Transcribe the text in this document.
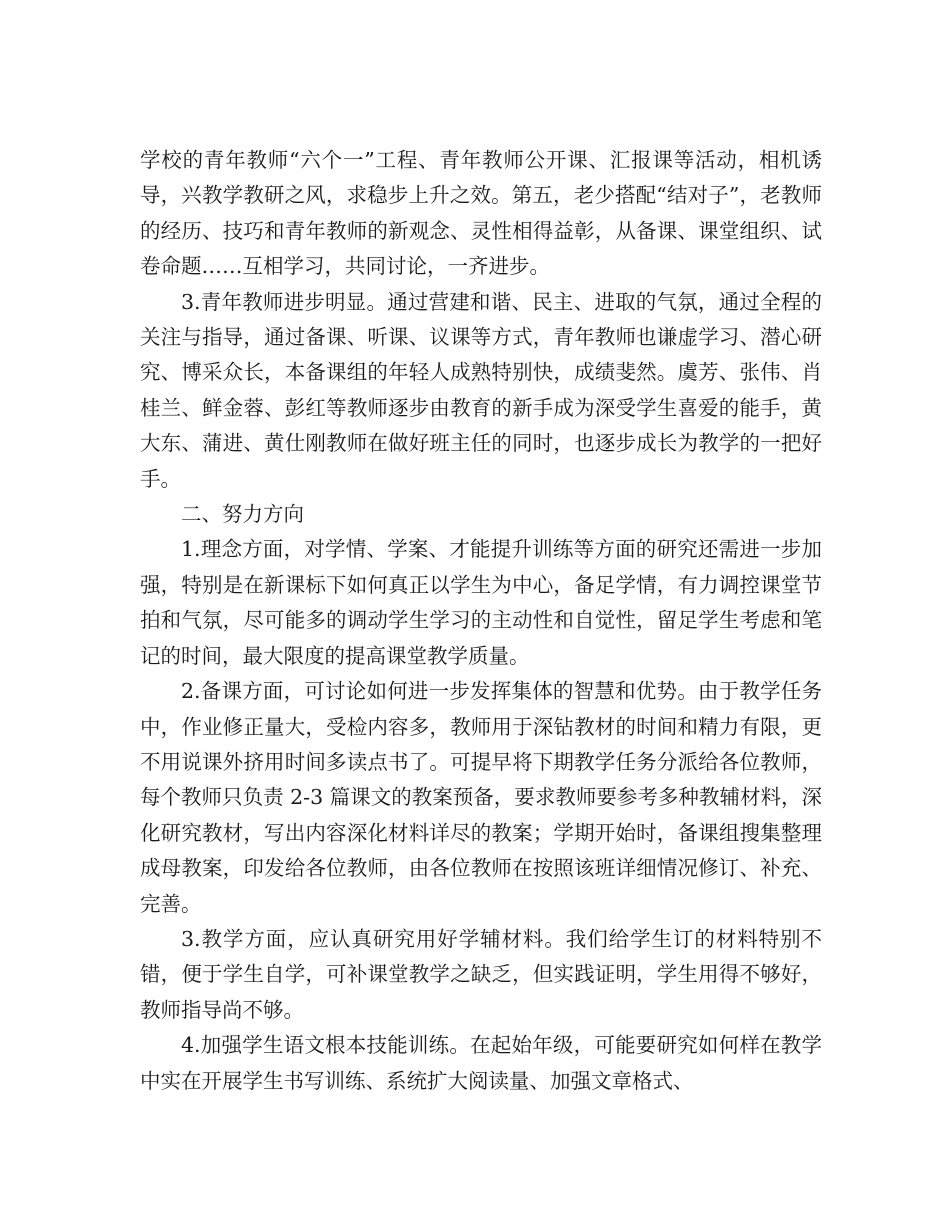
学校的青年教师“六个一”工程、青年教师公开课、汇报课等活动，相机诱导，兴教学教研之风，求稳步上升之效。第五，老少搭配“结对子”，老教师的经历、技巧和青年教师的新观念、灵性相得益彰，从备课、课堂组织、试卷命题……互相学习，共同讨论，一齐进步。

3.青年教师进步明显。通过营建和谐、民主、进取的气氛，通过全程的关注与指导，通过备课、听课、议课等方式，青年教师也谦虚学习、潜心研究、博采众长，本备课组的年轻人成熟特别快，成绩斐然。虞芳、张伟、肖桂兰、鲜金蓉、彭红等教师逐步由教育的新手成为深受学生喜爱的能手，黄大东、蒲进、黄仕刚教师在做好班主任的同时，也逐步成长为教学的一把好手。

二、努力方向

1.理念方面，对学情、学案、才能提升训练等方面的研究还需进一步加强，特别是在新课标下如何真正以学生为中心，备足学情，有力调控课堂节拍和气氛，尽可能多的调动学生学习的主动性和自觉性，留足学生考虑和笔记的时间，最大限度的提高课堂教学质量。

2.备课方面，可讨论如何进一步发挥集体的智慧和优势。由于教学任务中，作业修正量大，受检内容多，教师用于深钻教材的时间和精力有限，更不用说课外挤用时间多读点书了。可提早将下期教学任务分派给各位教师，每个教师只负责 2-3 篇课文的教案预备，要求教师要参考多种教辅材料，深化研究教材，写出内容深化材料详尽的教案；学期开始时，备课组搜集整理成母教案，印发给各位教师，由各位教师在按照该班详细情况修订、补充、完善。

3.教学方面，应认真研究用好学辅材料。我们给学生订的材料特别不错，便于学生自学，可补课堂教学之缺乏，但实践证明，学生用得不够好，教师指导尚不够。

4.加强学生语文根本技能训练。在起始年级，可能要研究如何样在教学中实在开展学生书写训练、系统扩大阅读量、加强文章格式、
